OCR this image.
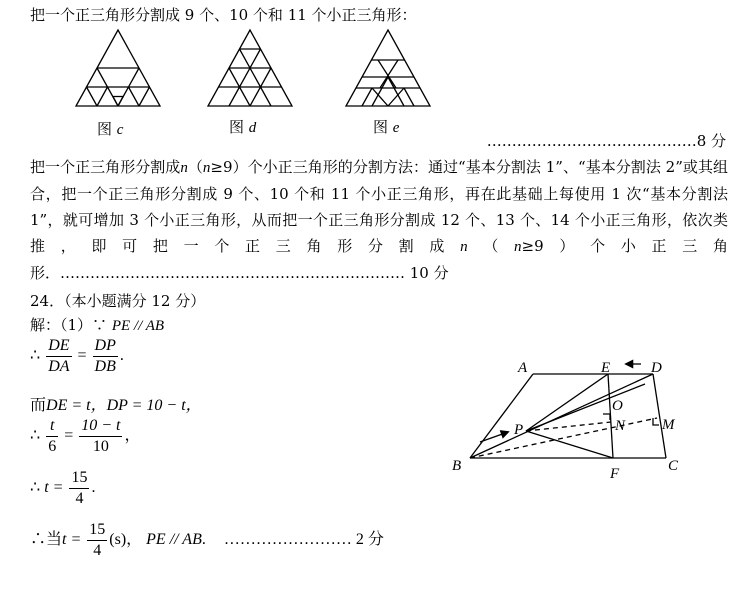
把一个正三角形分割成 9 个、10 个和 11 个小正三角形：
图 c	图 d	图 e
……………………………………8 分
把一个正三角形分割成n（n≥9）个小正三角形的分割方法：通过“基本分割法 1”、“基本分割法 2”或其组合，把一个正三角形分割成 9 个、10 个和 11 个小正三角形，再在此基础上每使用 1 次“基本分割法 1”，就可增加 3 个小正三角形，从而把一个正三角形分割成 12 个、13 个、14 个小正三角形，依次类推，即可把一个正三角形分割成n（n≥9）个小正三角形．…………………………………………………………… 10 分
24．（本小题满分 12 分）
解：（1）∵ PE // AB
∴ $\frac{DE}{DA} = \frac{DP}{DB}$ .
而DE = t，DP = 10 − t，
∴ $\frac{t}{6} = \frac{10 - t}{10}$ ，
∴ $t = \frac{15}{4}$ .
∴当$t = \frac{15}{4} (s)$， PE // AB. …………………… 2 分
A
B	C
D
E
F
M
N
O
P
